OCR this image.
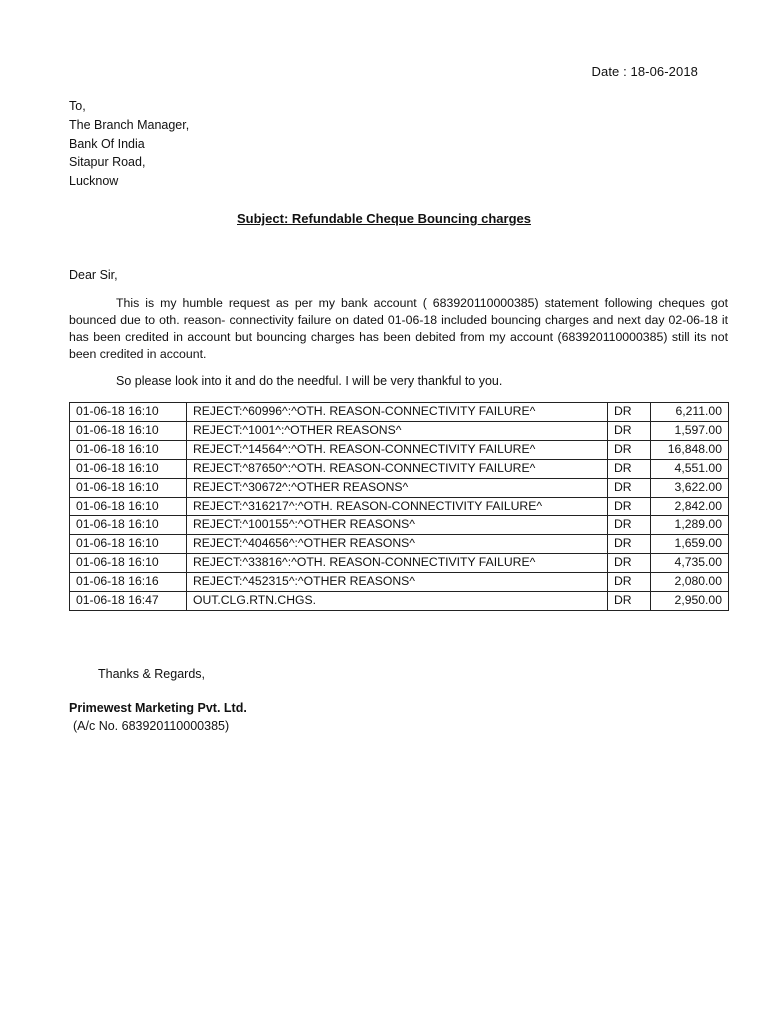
Date : 18-06-2018
To,
The Branch Manager,
Bank Of India
Sitapur Road,
Lucknow
Subject: Refundable Cheque Bouncing charges
Dear Sir,
This is my humble request as per my bank account ( 683920110000385) statement following cheques got bounced due to oth. reason- connectivity failure on dated 01-06-18 included bouncing charges and next day 02-06-18 it has been credited in account but bouncing charges has been debited from my account (683920110000385) still its not been credited in account.
So please look into it and do the needful. I will be very thankful to you.
01-06-18 16:10	REJECT:^60996^:^OTH. REASON-CONNECTIVITY FAILURE^	DR	6,211.00
01-06-18 16:10	REJECT:^1001^:^OTHER REASONS^	DR	1,597.00
01-06-18 16:10	REJECT:^14564^:^OTH. REASON-CONNECTIVITY FAILURE^	DR	16,848.00
01-06-18 16:10	REJECT:^87650^:^OTH. REASON-CONNECTIVITY FAILURE^	DR	4,551.00
01-06-18 16:10	REJECT:^30672^:^OTHER REASONS^	DR	3,622.00
01-06-18 16:10	REJECT:^316217^:^OTH. REASON-CONNECTIVITY FAILURE^	DR	2,842.00
01-06-18 16:10	REJECT:^100155^:^OTHER REASONS^	DR	1,289.00
01-06-18 16:10	REJECT:^404656^:^OTHER REASONS^	DR	1,659.00
01-06-18 16:10	REJECT:^33816^:^OTH. REASON-CONNECTIVITY FAILURE^	DR	4,735.00
01-06-18 16:16	REJECT:^452315^:^OTHER REASONS^	DR	2,080.00
01-06-18 16:47	OUT.CLG.RTN.CHGS.	DR	2,950.00
Thanks & Regards,
Primewest Marketing Pvt. Ltd.
(A/c No. 683920110000385)
